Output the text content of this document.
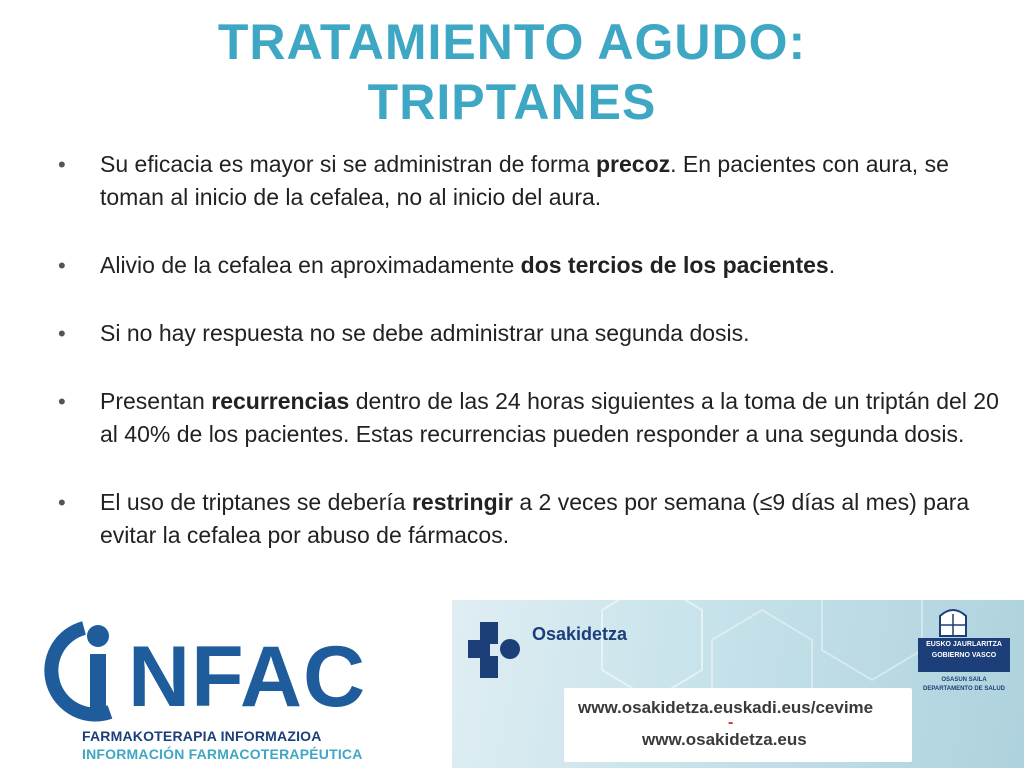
TRATAMIENTO AGUDO:
TRIPTANES
• Su eficacia es mayor si se administran de forma precoz. En pacientes con aura, se toman al inicio de la cefalea, no al inicio del aura.
• Alivio de la cefalea en aproximadamente dos tercios de los pacientes.
• Si no hay respuesta no se debe administrar una segunda dosis.
• Presentan recurrencias dentro de las 24 horas siguientes a la toma de un triptán del 20 al 40% de los pacientes. Estas recurrencias pueden responder a una segunda dosis.
• El uso de triptanes se debería restringir a 2 veces por semana (≤9 días al mes) para evitar la cefalea por abuso de fármacos.
NFAC
FARMAKOTERAPIA INFORMAZIOA
INFORMACIÓN FARMACOTERAPÉUTICA
Osakidetza
www.osakidetza.euskadi.eus/cevime
-
www.osakidetza.eus
EUSKO JAURLARITZA
GOBIERNO VASCO
OSASUN SAILA
DEPARTAMENTO DE SALUD
